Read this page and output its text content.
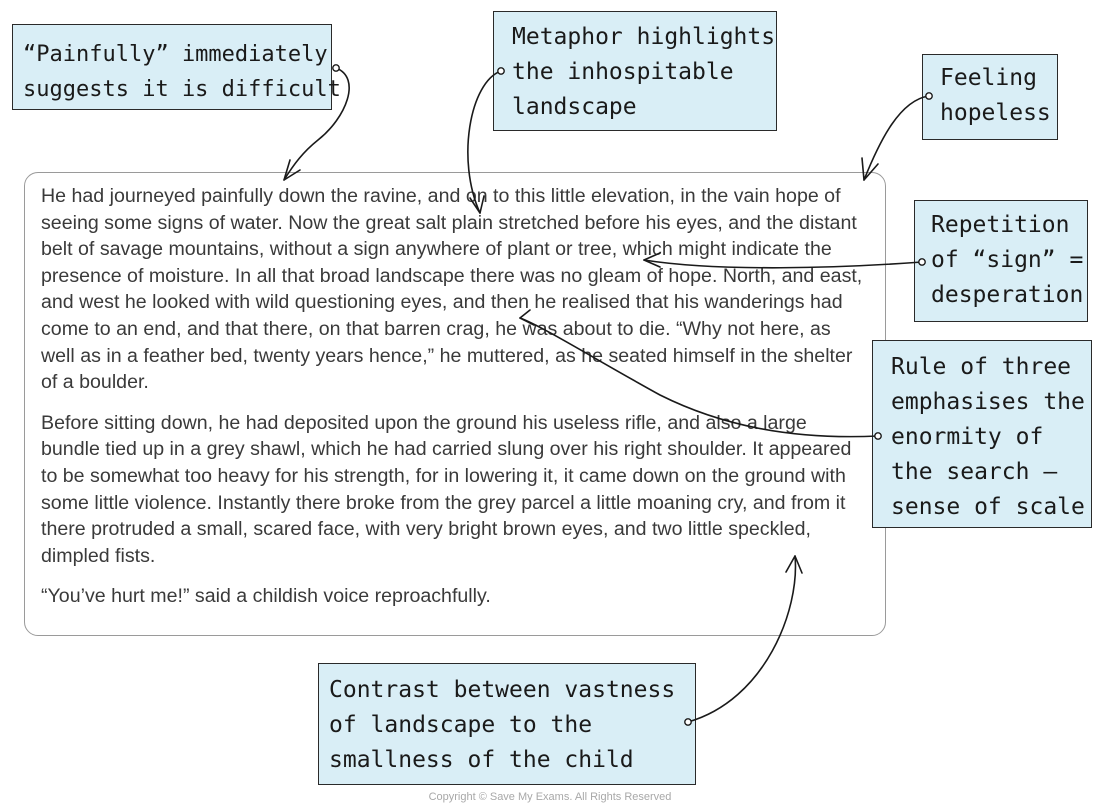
He had journeyed painfully down the ravine, and on to this little elevation, in the vain hope of seeing some signs of water. Now the great salt plain stretched before his eyes, and the distant belt of savage mountains, without a sign anywhere of plant or tree, which might indicate the presence of moisture. In all that broad landscape there was no gleam of hope. North, and east, and west he looked with wild questioning eyes, and then he realised that his wanderings had come to an end, and that there, on that barren crag, he was about to die. “Why not here, as well as in a feather bed, twenty years hence,” he muttered, as he seated himself in the shelter of a boulder.

Before sitting down, he had deposited upon the ground his useless rifle, and also a large bundle tied up in a grey shawl, which he had carried slung over his right shoulder. It appeared to be somewhat too heavy for his strength, for in lowering it, it came down on the ground with some little violence. Instantly there broke from the grey parcel a little moaning cry, and from it there protruded a small, scared face, with very bright brown eyes, and two little speckled, dimpled fists.

“You’ve hurt me!” said a childish voice reproachfully.

“Painfully” immediately
suggests it is difficult
Metaphor highlights
the inhospitable
landscape
Feeling
hopeless
Repetition
of “sign” =
desperation
Rule of three
emphasises the
enormity of
the search —
sense of scale
Contrast between vastness
of landscape to the
smallness of the child
Copyright © Save My Exams. All Rights Reserved
